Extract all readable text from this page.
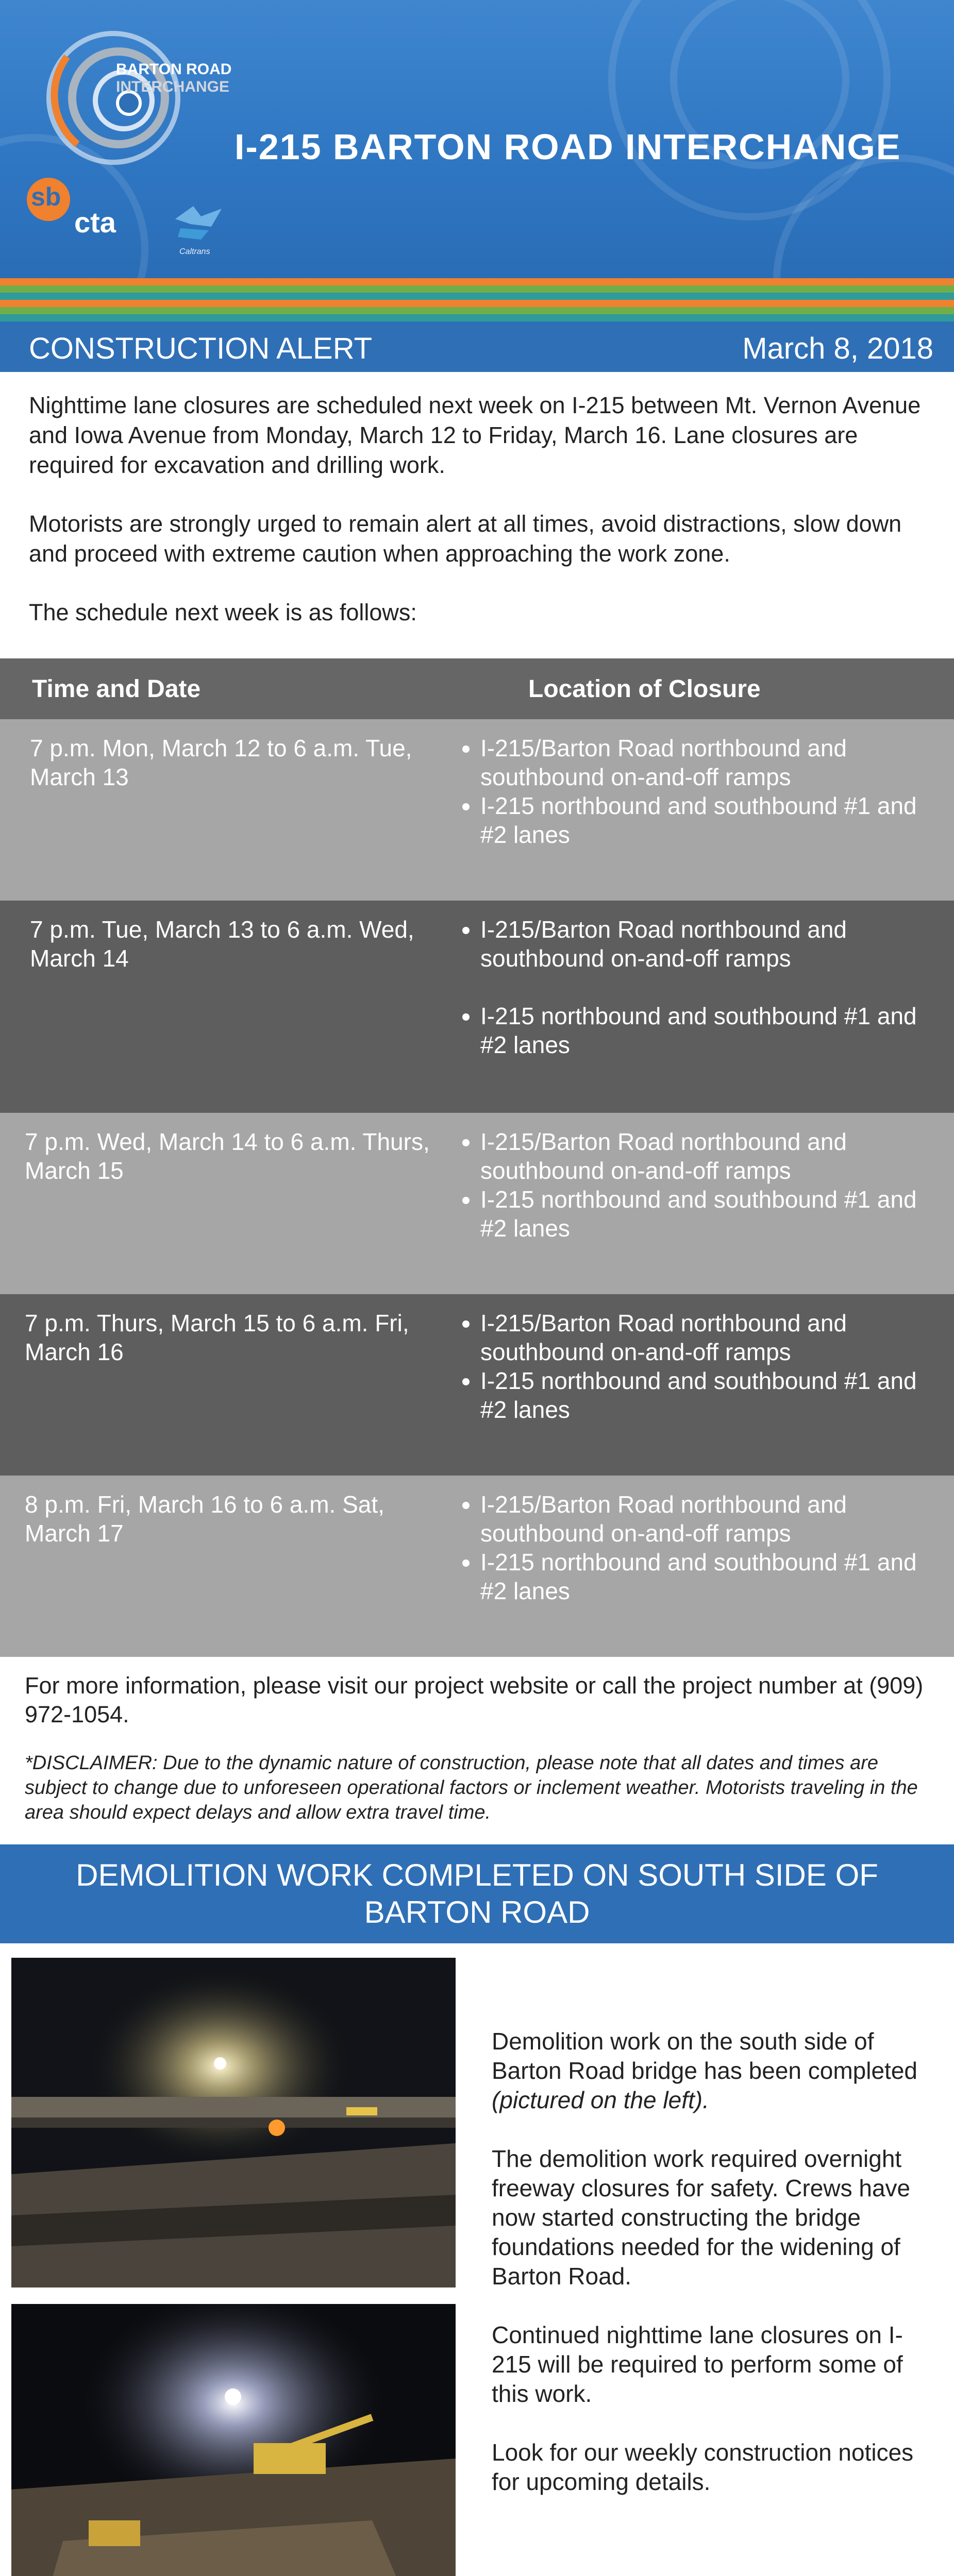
BARTON ROAD
INTERCHANGE
I-215 BARTON ROAD INTERCHANGE
sb
cta
Caltrans
CONSTRUCTION ALERT	March 8, 2018

Nighttime lane closures are scheduled next week on I-215 between Mt. Vernon Avenue and Iowa Avenue from Monday, March 12 to Friday, March 16. Lane closures are required for excavation and drilling work.

Motorists are strongly urged to remain alert at all times, avoid distractions, slow down and proceed with extreme caution when approaching the work zone.

The schedule next week is as follows:

Time and Date	Location of Closure
7 p.m. Mon, March 12 to 6 a.m. Tue, March 13
• I-215/Barton Road northbound and southbound on-and-off ramps
• I-215 northbound and southbound #1 and #2 lanes
7 p.m. Tue, March 13 to 6 a.m. Wed, March 14
• I-215/Barton Road northbound and southbound on-and-off ramps
• I-215 northbound and southbound #1 and #2 lanes
7 p.m. Wed, March 14 to 6 a.m. Thurs, March 15
• I-215/Barton Road northbound and southbound on-and-off ramps
• I-215 northbound and southbound #1 and #2 lanes
7 p.m. Thurs, March 15 to 6 a.m. Fri, March 16
• I-215/Barton Road northbound and southbound on-and-off ramps
• I-215 northbound and southbound #1 and #2 lanes
8 p.m. Fri, March 16 to 6 a.m. Sat, March 17
• I-215/Barton Road northbound and southbound on-and-off ramps
• I-215 northbound and southbound #1 and #2 lanes
For more information, please visit our project website or call the project number at (909) 972-1054.
*DISCLAIMER: Due to the dynamic nature of construction, please note that all dates and times are subject to change due to unforeseen operational factors or inclement weather. Motorists traveling in the area should expect delays and allow extra travel time.
DEMOLITION WORK COMPLETED ON SOUTH SIDE OF BARTON ROAD

Demolition work on the south side of Barton Road bridge has been completed (pictured on the left).

The demolition work required overnight freeway closures for safety. Crews have now started constructing the bridge foundations needed for the widening of Barton Road.

Continued nighttime lane closures on I-215 will be required to perform some of this work.

Look for our weekly construction notices for upcoming details.
